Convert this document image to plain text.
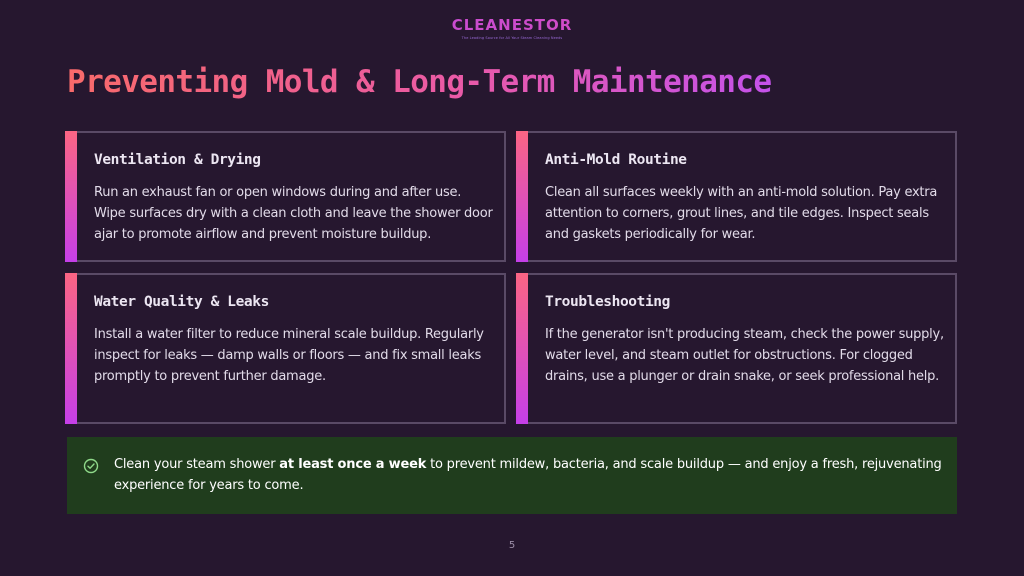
CLEANESTOR
The Leading Source for All Your Steam Cleaning Needs
Preventing Mold & Long-Term Maintenance

Ventilation & Drying

Run an exhaust fan or open windows during and after use. Wipe surfaces dry with a clean cloth and leave the shower door ajar to promote airflow and prevent moisture buildup.

Anti-Mold Routine

Clean all surfaces weekly with an anti-mold solution. Pay extra attention to corners, grout lines, and tile edges. Inspect seals and gaskets periodically for wear.

Water Quality & Leaks

Install a water filter to reduce mineral scale buildup. Regularly inspect for leaks — damp walls or floors — and fix small leaks promptly to prevent further damage.

Troubleshooting

If the generator isn't producing steam, check the power supply, water level, and steam outlet for obstructions. For clogged drains, use a plunger or drain snake, or seek professional help.

Clean your steam shower at least once a week to prevent mildew, bacteria, and scale buildup — and enjoy a fresh, rejuvenating experience for years to come.

5
